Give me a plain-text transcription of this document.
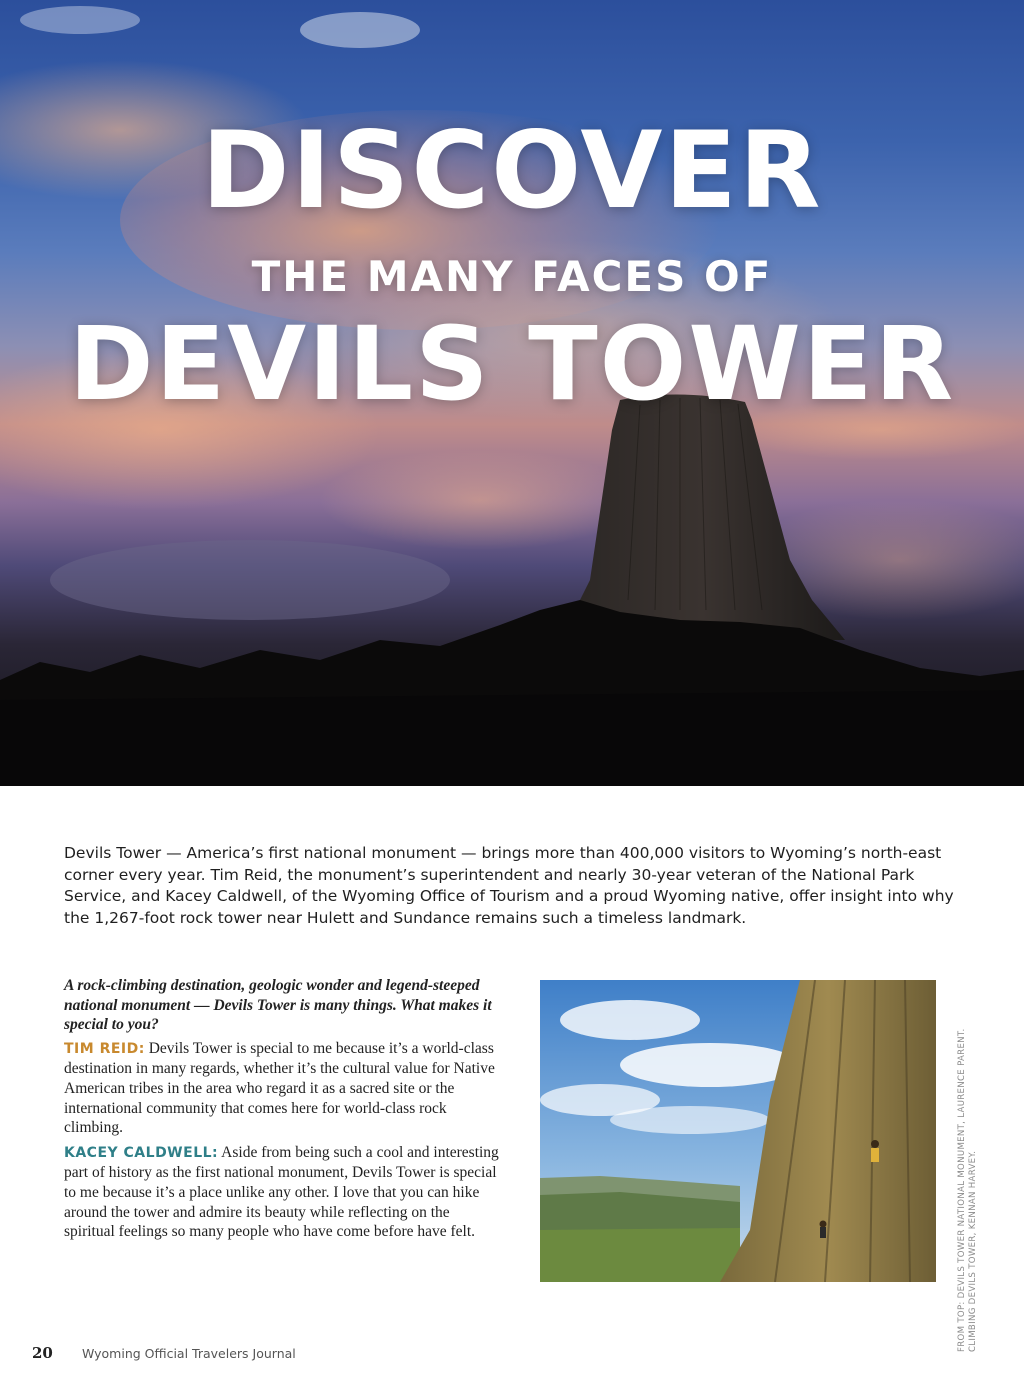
DISCOVER
THE MANY FACES OF
DEVILS TOWER
Devils Tower — America’s first national monument — brings more than 400,000 visitors to Wyoming’s north-east corner every year. Tim Reid, the monument’s superintendent and nearly 30-year veteran of the National Park Service, and Kacey Caldwell, of the Wyoming Office of Tourism and a proud Wyoming native, offer insight into why the 1,267-foot rock tower near Hulett and Sundance remains such a timeless landmark.
A rock-climbing destination, geologic wonder and legend-steeped national monument — Devils Tower is many things. What makes it special to you?

TIM REID: Devils Tower is special to me because it’s a world-class destination in many regards, whether it’s the cultural value for Native American tribes in the area who regard it as a sacred site or the international community that comes here for world-class rock climbing.

KACEY CALDWELL: Aside from being such a cool and interesting part of history as the first national monument, Devils Tower is special to me because it’s a place unlike any other. I love that you can hike around the tower and admire its beauty while reflecting on the spiritual feelings so many people who have come before have felt.	FROM TOP: DEVILS TOWER NATIONAL MONUMENT, LAURENCE PARENT. CLIMBING DEVILS TOWER, KENNAN HARVEY.
20 Wyoming Official Travelers Journal
